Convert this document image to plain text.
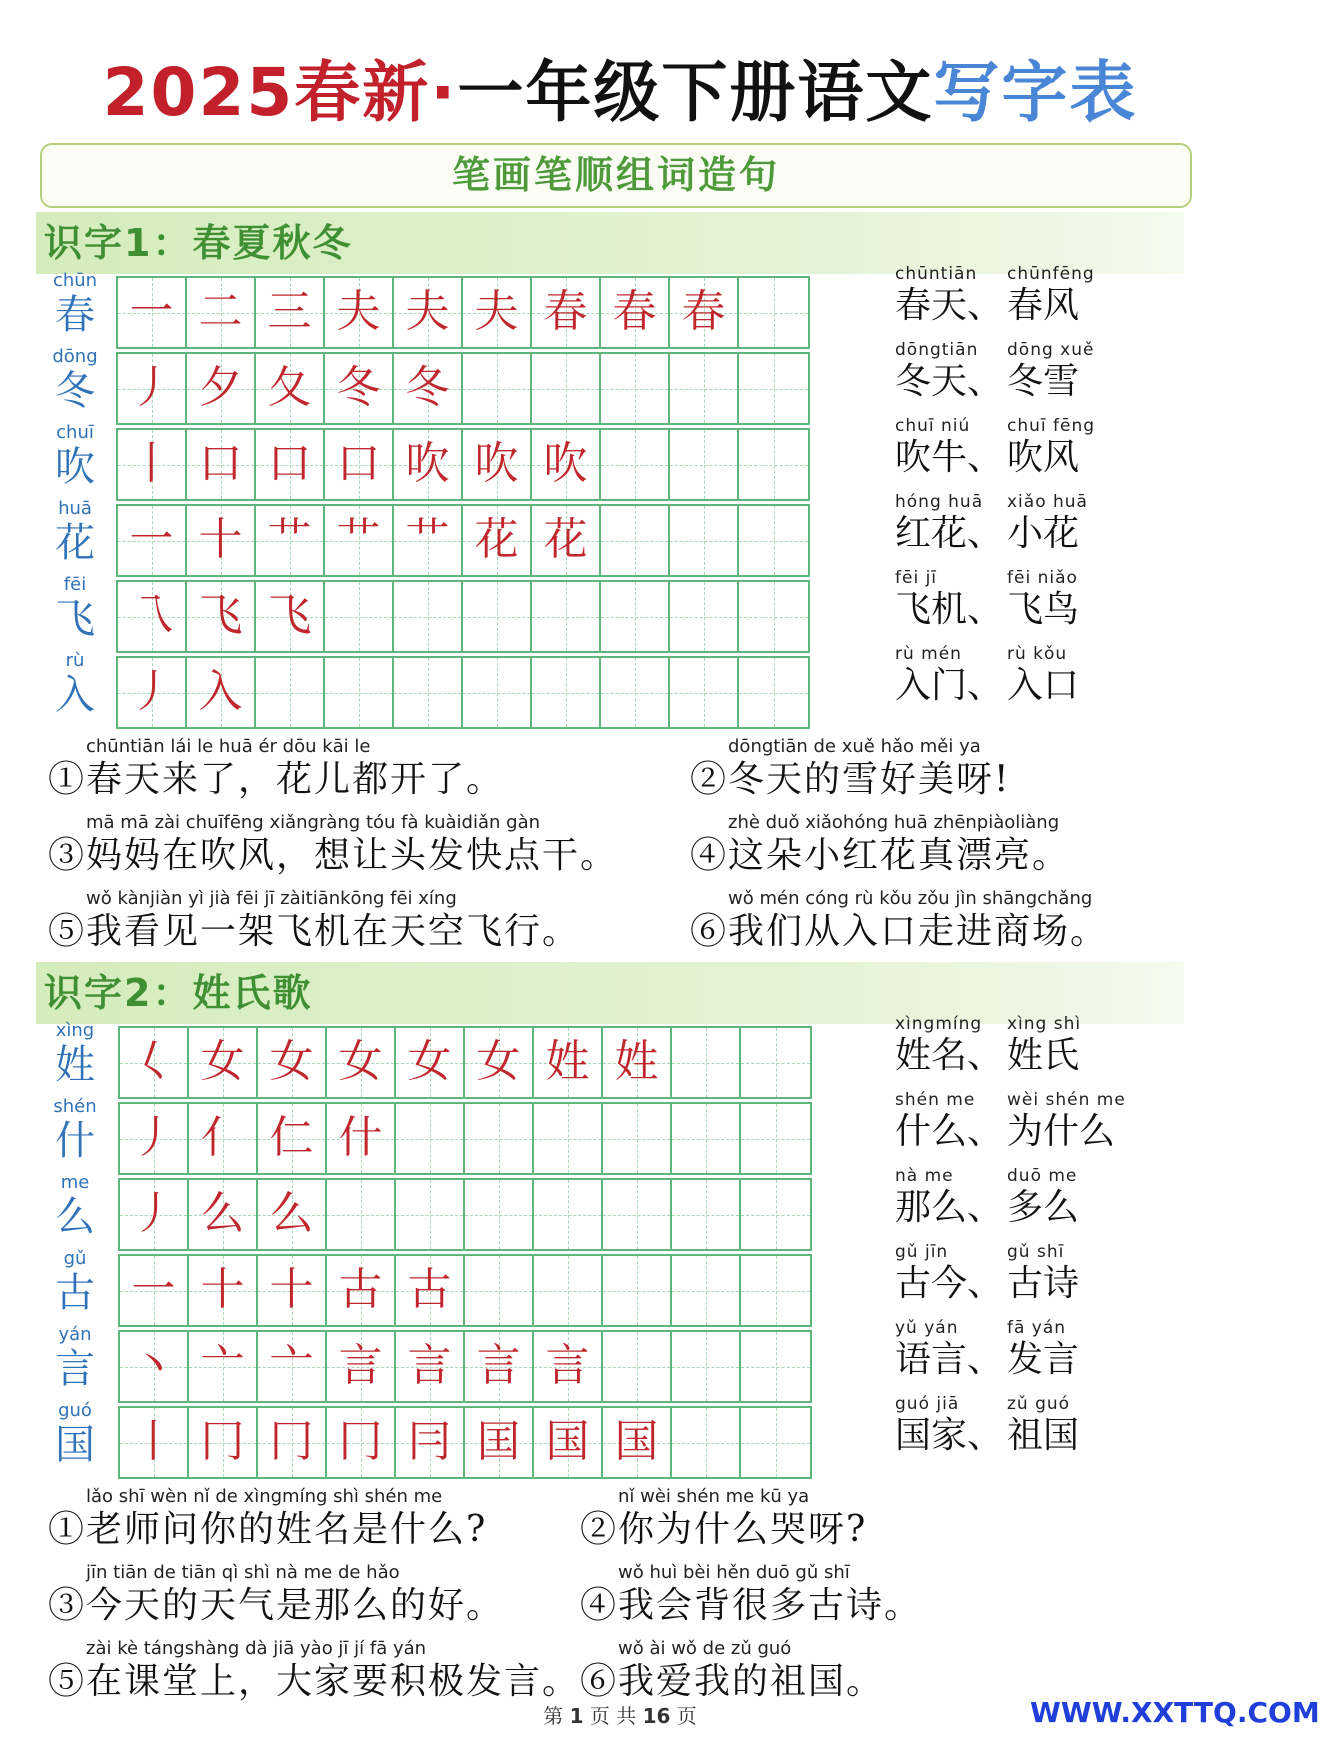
2025春新·一年级下册语文写字表
笔画笔顺组词造句
识字1：春夏秋冬
识字2：姓氏歌
chūn
春 一 二 三 夫 夫 夫 春 春 春
chūntiān
春天、
chūnfēng
春风
dōng
冬 丿 夕 夂 冬 冬
dōngtiān
冬天、
dōng xuě
冬雪
chuī
吹 丨 口 口 口 吹 吹 吹
chuī niú
吹牛、
chuī fēng
吹风
huā
花 一 十 艹 艹 艹 花 花
hóng huā
红花、
xiǎo huā
小花
fēi
飞 乁 飞 飞
fēi jī
飞机、
fēi niǎo
飞鸟
rù
入 丿 入
rù mén
入门、
rù kǒu
入口
chūntiān lái le huā ér dōu kāi le
①春天来了，花儿都开了。
dōngtiān de xuě hǎo měi ya
②冬天的雪好美呀!
mā mā zài chuīfēng xiǎngràng tóu fà kuàidiǎn gàn
③妈妈在吹风，想让头发快点干。
zhè duǒ xiǎohóng huā zhēnpiàoliàng
④这朵小红花真漂亮。
wǒ kànjiàn yì jià fēi jī zàitiānkōng fēi xíng
⑤我看见一架飞机在天空飞行。
wǒ mén cóng rù kǒu zǒu jìn shāngchǎng
⑥我们从入口走进商场。
xìng
姓 𡿨 女 女 女 女 女 姓 姓
xìngmíng
姓名、
xìng shì
姓氏
shén
什 丿 亻 仁 什
shén me
什么、
wèi shén me
为什么
me
么 丿 么 么
nà me
那么、
duō me
多么
gǔ
古 一 十 十 古 古
gǔ jīn
古今、
gǔ shī
古诗
yán
言 丶 亠 亠 言 言 言 言
yǔ yán
语言、
fā yán
发言
guó
国 丨 冂 冂 冂 冃 囯 国 国
guó jiā
国家、
zǔ guó
祖国
lǎo shī wèn nǐ de xìngmíng shì shén me
①老师问你的姓名是什么?
nǐ wèi shén me kū ya
②你为什么哭呀?
jīn tiān de tiān qì shì nà me de hǎo
③今天的天气是那么的好。
wǒ huì bèi hěn duō gǔ shī
④我会背很多古诗。
zài kè tángshàng dà jiā yào jī jí fā yán
⑤在课堂上，大家要积极发言。
wǒ ài wǒ de zǔ guó
⑥我爱我的祖国。
第 1 页 共 16 页	WWW.XXTTQ.COM
